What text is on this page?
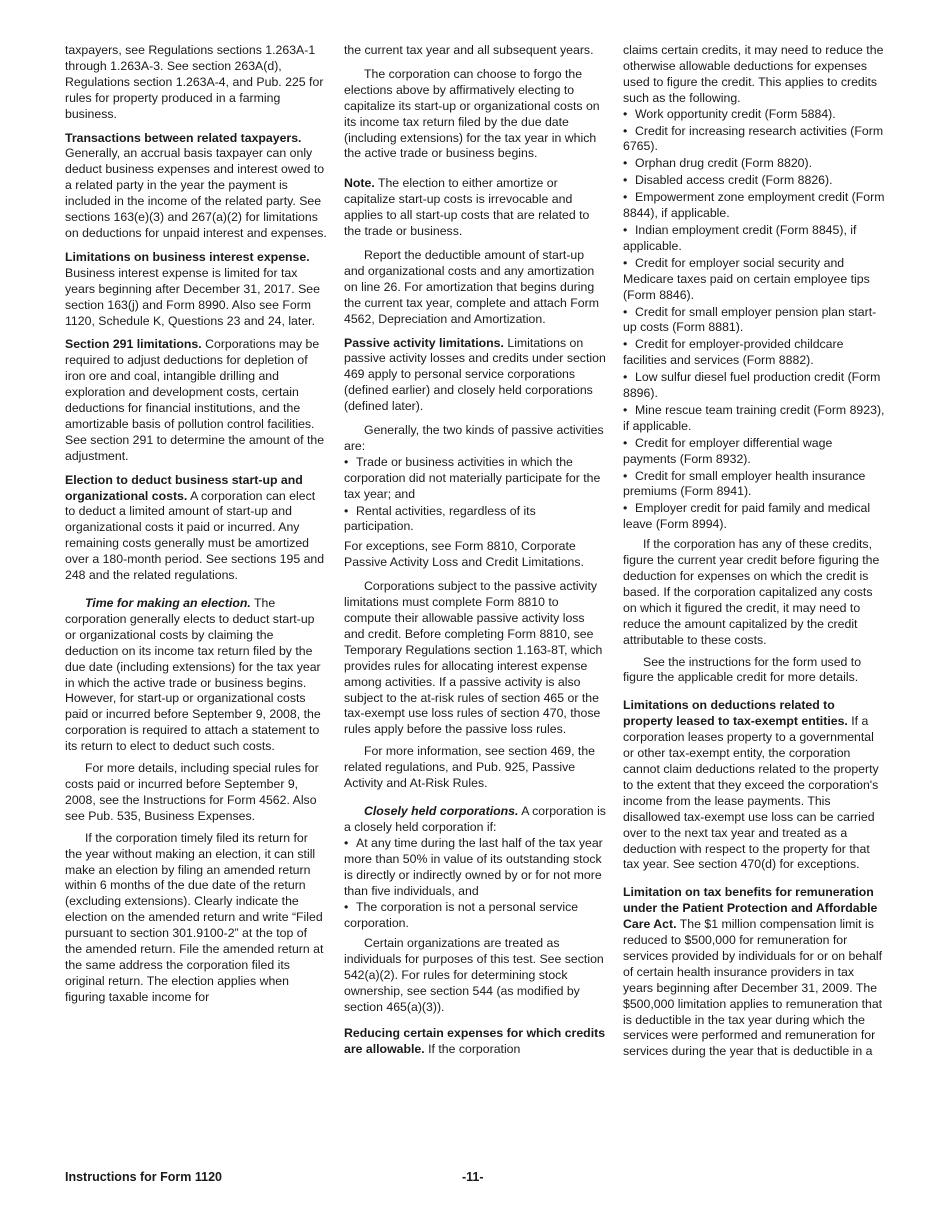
taxpayers, see Regulations sections 1.263A-1 through 1.263A-3. See section 263A(d), Regulations section 1.263A-4, and Pub. 225 for rules for property produced in a farming business.

Transactions between related taxpayers. Generally, an accrual basis taxpayer can only deduct business expenses and interest owed to a related party in the year the payment is included in the income of the related party. See sections 163(e)(3) and 267(a)(2) for limitations on deductions for unpaid interest and expenses.

Limitations on business interest expense. Business interest expense is limited for tax years beginning after December 31, 2017. See section 163(j) and Form 8990. Also see Form 1120, Schedule K, Questions 23 and 24, later.

Section 291 limitations. Corporations may be required to adjust deductions for depletion of iron ore and coal, intangible drilling and exploration and development costs, certain deductions for financial institutions, and the amortizable basis of pollution control facilities. See section 291 to determine the amount of the adjustment.

Election to deduct business start-up and organizational costs. A corporation can elect to deduct a limited amount of start-up and organizational costs it paid or incurred. Any remaining costs generally must be amortized over a 180-month period. See sections 195 and 248 and the related regulations.

Time for making an election. The corporation generally elects to deduct start-up or organizational costs by claiming the deduction on its income tax return filed by the due date (including extensions) for the tax year in which the active trade or business begins. However, for start-up or organizational costs paid or incurred before September 9, 2008, the corporation is required to attach a statement to its return to elect to deduct such costs.

For more details, including special rules for costs paid or incurred before September 9, 2008, see the Instructions for Form 4562. Also see Pub. 535, Business Expenses.

If the corporation timely filed its return for the year without making an election, it can still make an election by filing an amended return within 6 months of the due date of the return (excluding extensions). Clearly indicate the election on the amended return and write “Filed pursuant to section 301.9100-2” at the top of the amended return. File the amended return at the same address the corporation filed its original return. The election applies when figuring taxable income for

the current tax year and all subsequent years.

The corporation can choose to forgo the elections above by affirmatively electing to capitalize its start-up or organizational costs on its income tax return filed by the due date (including extensions) for the tax year in which the active trade or business begins.

Note. The election to either amortize or capitalize start-up costs is irrevocable and applies to all start-up costs that are related to the trade or business.

Report the deductible amount of start-up and organizational costs and any amortization on line 26. For amortization that begins during the current tax year, complete and attach Form 4562, Depreciation and Amortization.

Passive activity limitations. Limitations on passive activity losses and credits under section 469 apply to personal service corporations (defined earlier) and closely held corporations (defined later).

Generally, the two kinds of passive activities are:

• Trade or business activities in which the corporation did not materially participate for the tax year; and
• Rental activities, regardless of its participation.

For exceptions, see Form 8810, Corporate Passive Activity Loss and Credit Limitations.

Corporations subject to the passive activity limitations must complete Form 8810 to compute their allowable passive activity loss and credit. Before completing Form 8810, see Temporary Regulations section 1.163-8T, which provides rules for allocating interest expense among activities. If a passive activity is also subject to the at-risk rules of section 465 or the tax-exempt use loss rules of section 470, those rules apply before the passive loss rules.

For more information, see section 469, the related regulations, and Pub. 925, Passive Activity and At-Risk Rules.

Closely held corporations. A corporation is a closely held corporation if:

• At any time during the last half of the tax year more than 50% in value of its outstanding stock is directly or indirectly owned by or for not more than five individuals, and
• The corporation is not a personal service corporation.

Certain organizations are treated as individuals for purposes of this test. See section 542(a)(2). For rules for determining stock ownership, see section 544 (as modified by section 465(a)(3)).

Reducing certain expenses for which credits are allowable. If the corporation

claims certain credits, it may need to reduce the otherwise allowable deductions for expenses used to figure the credit. This applies to credits such as the following.

• Work opportunity credit (Form 5884).
• Credit for increasing research activities (Form 6765).
• Orphan drug credit (Form 8820).
• Disabled access credit (Form 8826).
• Empowerment zone employment credit (Form 8844), if applicable.
• Indian employment credit (Form 8845), if applicable.
• Credit for employer social security and Medicare taxes paid on certain employee tips (Form 8846).
• Credit for small employer pension plan start-up costs (Form 8881).
• Credit for employer-provided childcare facilities and services (Form 8882).
• Low sulfur diesel fuel production credit (Form 8896).
• Mine rescue team training credit (Form 8923), if applicable.
• Credit for employer differential wage payments (Form 8932).
• Credit for small employer health insurance premiums (Form 8941).
• Employer credit for paid family and medical leave (Form 8994).

If the corporation has any of these credits, figure the current year credit before figuring the deduction for expenses on which the credit is based. If the corporation capitalized any costs on which it figured the credit, it may need to reduce the amount capitalized by the credit attributable to these costs.

See the instructions for the form used to figure the applicable credit for more details.

Limitations on deductions related to property leased to tax-exempt entities. If a corporation leases property to a governmental or other tax-exempt entity, the corporation cannot claim deductions related to the property to the extent that they exceed the corporation's income from the lease payments. This disallowed tax-exempt use loss can be carried over to the next tax year and treated as a deduction with respect to the property for that tax year. See section 470(d) for exceptions.

Limitation on tax benefits for remuneration under the Patient Protection and Affordable Care Act. The $1 million compensation limit is reduced to $500,000 for remuneration for services provided by individuals for or on behalf of certain health insurance providers in tax years beginning after December 31, 2009. The $500,000 limitation applies to remuneration that is deductible in the tax year during which the services were performed and remuneration for services during the year that is deductible in a

Instructions for Form 1120	-11-
